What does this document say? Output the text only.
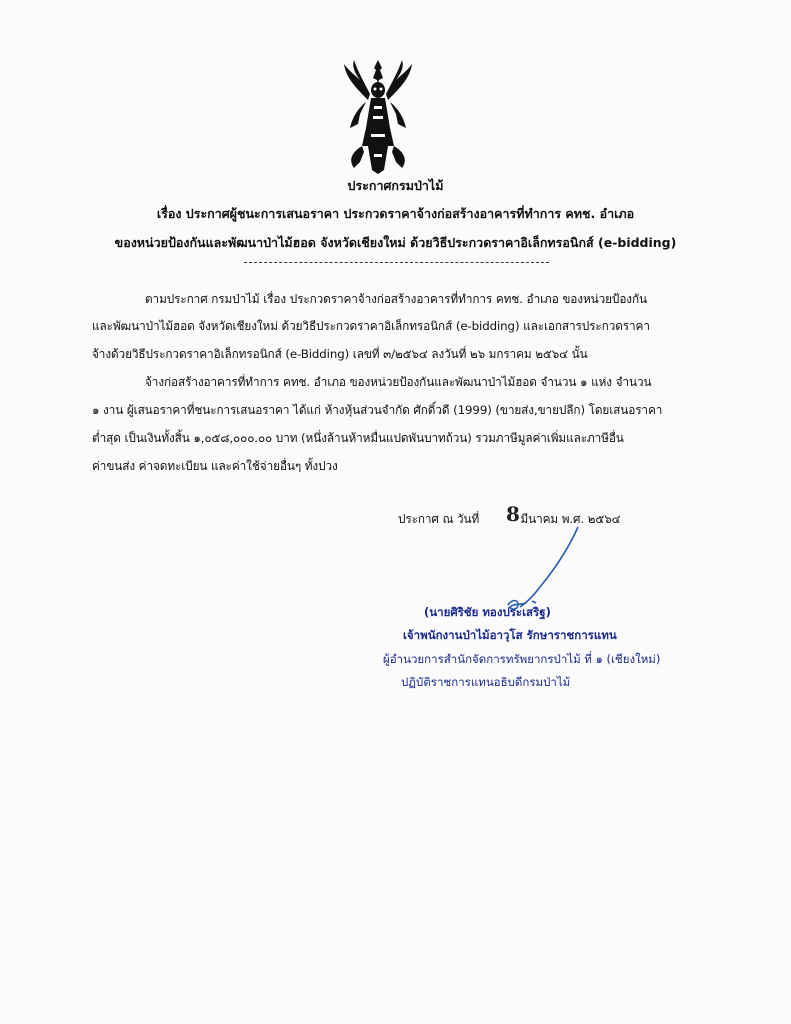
ประกาศกรมป่าไม้
เรื่อง ประกาศผู้ชนะการเสนอราคา ประกวดราคาจ้างก่อสร้างอาคารที่ทำการ คทช. อำเภอ
ของหน่วยป้องกันและพัฒนาป่าไม้ฮอด จังหวัดเชียงใหม่ ด้วยวิธีประกวดราคาอิเล็กทรอนิกส์ (e-bidding)
ตามประกาศ กรมป่าไม้ เรื่อง ประกวดราคาจ้างก่อสร้างอาคารที่ทำการ คทช. อำเภอ ของหน่วยป้องกัน
และพัฒนาป่าไม้ฮอด จังหวัดเชียงใหม่ ด้วยวิธีประกวดราคาอิเล็กทรอนิกส์ (e-bidding) และเอกสารประกวดราคา
จ้างด้วยวิธีประกวดราคาอิเล็กทรอนิกส์ (e-Bidding) เลขที่ ๓/๒๕๖๔ ลงวันที่ ๒๖ มกราคม ๒๕๖๔ นั้น
จ้างก่อสร้างอาคารที่ทำการ คทช. อำเภอ ของหน่วยป้องกันและพัฒนาป่าไม้ฮอด จำนวน ๑ แห่ง จำนวน
๑ งาน ผู้เสนอราคาที่ชนะการเสนอราคา ได้แก่ ห้างหุ้นส่วนจำกัด ศักดิ์วดี (1999) (ขายส่ง,ขายปลีก) โดยเสนอราคา
ต่ำสุด เป็นเงินทั้งสิ้น ๑,๐๕๘,๐๐๐.๐๐ บาท (หนึ่งล้านห้าหมื่นแปดพันบาทถ้วน) รวมภาษีมูลค่าเพิ่มและภาษีอื่น
ค่าขนส่ง ค่าจดทะเบียน และค่าใช้จ่ายอื่นๆ ทั้งปวง
ประกาศ ณ วันที่	มีนาคม พ.ศ. ๒๕๖๔
8
(นายศิริชัย ทองประเสริฐ)
เจ้าพนักงานป่าไม้อาวุโส รักษาราชการแทน
ผู้อำนวยการสำนักจัดการทรัพยากรป่าไม้ ที่ ๑ (เชียงใหม่)
ปฏิบัติราชการแทนอธิบดีกรมป่าไม้
